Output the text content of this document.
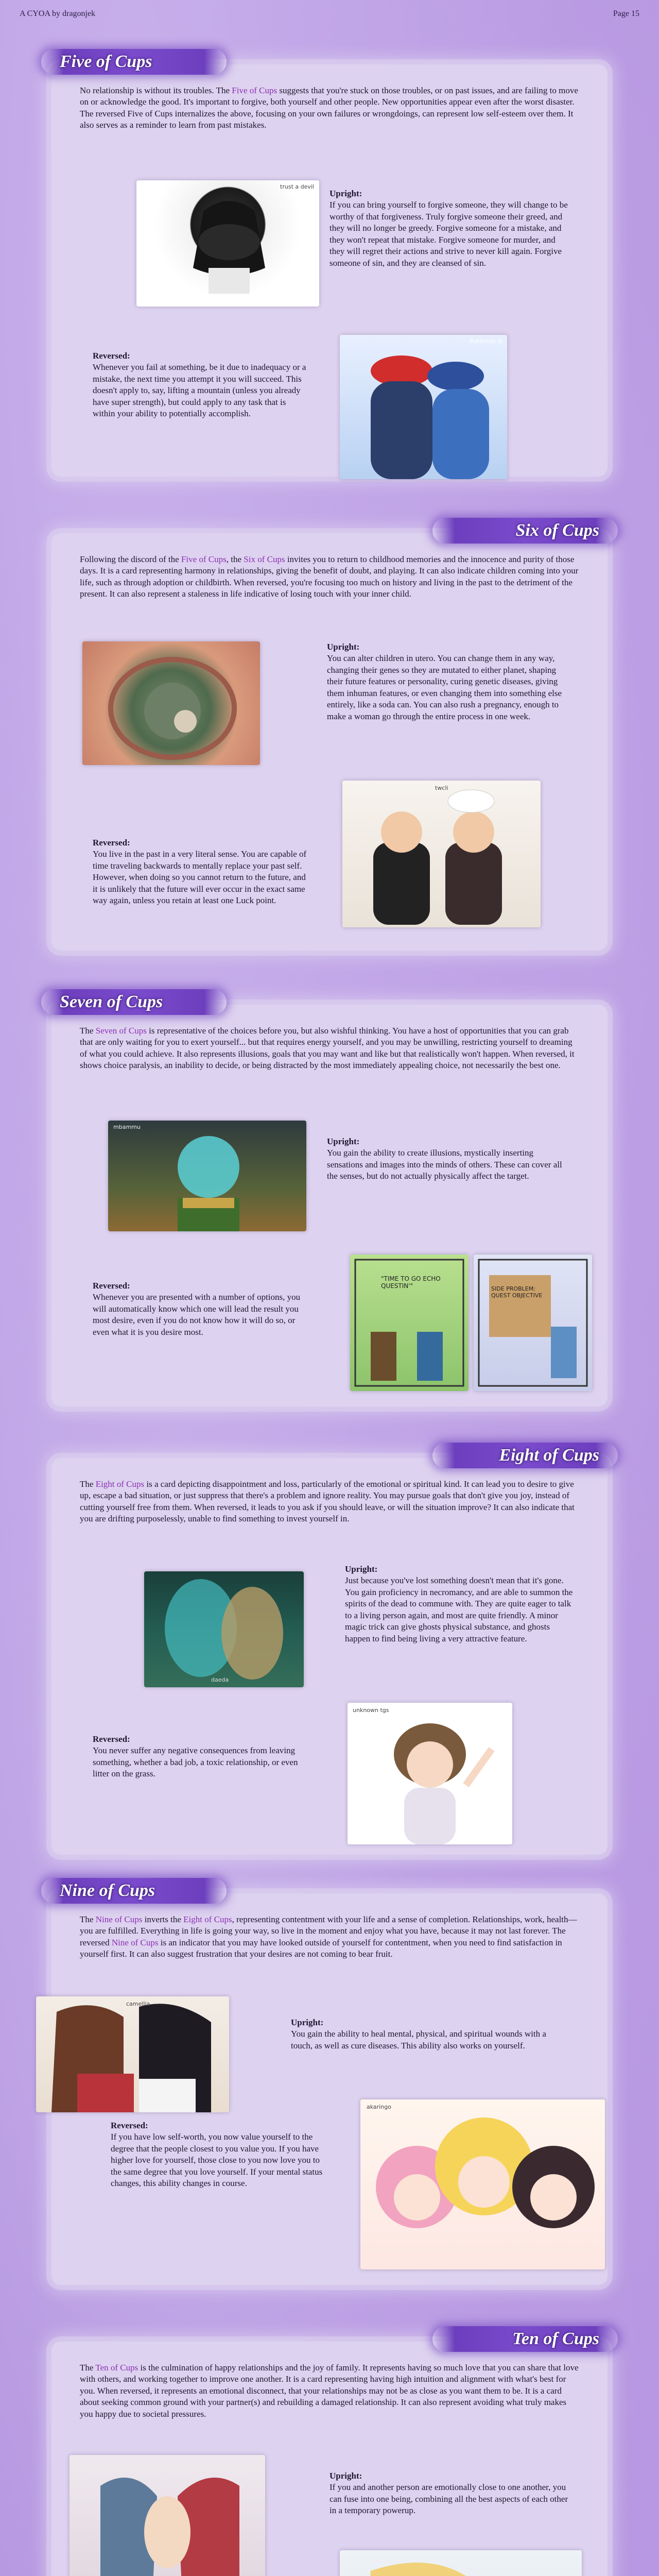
A CYOA by dragonjek	Page 15
Five of Cups
No relationship is without its troubles. The Five of Cups suggests that you're stuck on those troubles, or on past issues, and are failing to move on or acknowledge the good. It's important to forgive, both yourself and other people. New opportunities appear even after the worst disaster. The reversed Five of Cups internalizes the above, focusing on your own failures or wrongdoings, can represent low self-esteem over them. It also serves as a reminder to learn from past mistakes.
trust a devil
Upright:
If you can bring yourself to forgive someone, they will change to be worthy of that forgiveness. Truly forgive someone their greed, and they will no longer be greedy. Forgive someone for a mistake, and they won't repeat that mistake. Forgive someone for murder, and they will regret their actions and strive to never kill again. Forgive someone of sin, and they are cleansed of sin.
Reversed:
Whenever you fail at something, be it due to inadequacy or a mistake, the next time you attempt it you will succeed. This doesn't apply to, say, lifting a mountain (unless you already have super strength), but could apply to any task that is within your ability to potentially accomplish.
Pokémon ©
Six of Cups
Following the discord of the Five of Cups, the Six of Cups invites you to return to childhood memories and the innocence and purity of those days. It is a card representing harmony in relationships, giving the benefit of doubt, and playing. It can also indicate children coming into your life, such as through adoption or childbirth. When reversed, you're focusing too much on history and living in the past to the detriment of the present. It can also represent a staleness in life indicative of losing touch with your inner child.
Upright:
You can alter children in utero. You can change them in any way, changing their genes so they are mutated to either planet, shaping their future features or personality, curing genetic diseases, giving them inhuman features, or even changing them into something else entirely, like a soda can. You can also rush a pregnancy, enough to make a woman go through the entire process in one week.
Reversed:
You live in the past in a very literal sense. You are capable of time traveling backwards to mentally replace your past self. However, when doing so you cannot return to the future, and it is unlikely that the future will ever occur in the exact same way again, unless you retain at least one Luck point.
twcli
Seven of Cups
The Seven of Cups is representative of the choices before you, but also wishful thinking. You have a host of opportunities that you can grab that are only waiting for you to exert yourself... but that requires energy yourself, and you may be unwilling, restricting yourself to dreaming of what you could achieve. It also represents illusions, goals that you may want and like but that realistically won't happen. When reversed, it shows choice paralysis, an inability to decide, or being distracted by the most immediately appealing choice, not necessarily the best one.
mbammu
Upright:
You gain the ability to create illusions, mystically inserting sensations and images into the minds of others. These can cover all the senses, but do not actually physically affect the target.
Reversed:
Whenever you are presented with a number of options, you will automatically know which one will lead the result you most desire, even if you do not know how it will do so, or even what it is you desire most.
"TIME TO GO ECHO QUESTIN'"	SIDE PROBLEM: QUEST OBJECTIVE
Eight of Cups
The Eight of Cups is a card depicting disappointment and loss, particularly of the emotional or spiritual kind. It can lead you to desire to give up, escape a bad situation, or just suppress that there's a problem and ignore reality. You may pursue goals that don't give you joy, instead of cutting yourself free from them. When reversed, it leads to you ask if you should leave, or will the situation improve? It can also indicate that you are drifting purposelessly, unable to find something to invest yourself in.
daeda
Upright:
Just because you've lost something doesn't mean that it's gone. You gain proficiency in necromancy, and are able to summon the spirits of the dead to commune with. They are quite eager to talk to a living person again, and most are quite friendly. A minor magic trick can give ghosts physical substance, and ghosts happen to find being living a very attractive feature.
Reversed:
You never suffer any negative consequences from leaving something, whether a bad job, a toxic relationship, or even litter on the grass.
unknown tgs
Nine of Cups
The Nine of Cups inverts the Eight of Cups, representing contentment with your life and a sense of completion. Relationships, work, health—you are fulfilled. Everything in life is going your way, so live in the moment and enjoy what you have, because it may not last forever. The reversed Nine of Cups is an indicator that you may have looked outside of yourself for contentment, when you need to find satisfaction in yourself first. It can also suggest frustration that your desires are not coming to bear fruit.
camellia
Upright:
You gain the ability to heal mental, physical, and spiritual wounds with a touch, as well as cure diseases. This ability also works on yourself.
Reversed:
If you have low self-worth, you now value yourself to the degree that the people closest to you value you. If you have higher love for yourself, those close to you now love you to the same degree that you love yourself. If your mental status changes, this ability changes in course.
akaringo
Ten of Cups
The Ten of Cups is the culmination of happy relationships and the joy of family. It represents having so much love that you can share that love with others, and working together to improve one another. It is a card representing having high intuition and alignment with what's best for you. When reversed, it represents an emotional disconnect, that your relationships may not be as close as you want them to be. It is a card about seeking common ground with your partner(s) and rebuilding a damaged relationship. It can also represent avoiding what truly makes you happy due to societal pressures.
Upright:
If you and another person are emotionally close to one another, you can fuse into one being, combining all the best aspects of each other in a temporary powerup.
